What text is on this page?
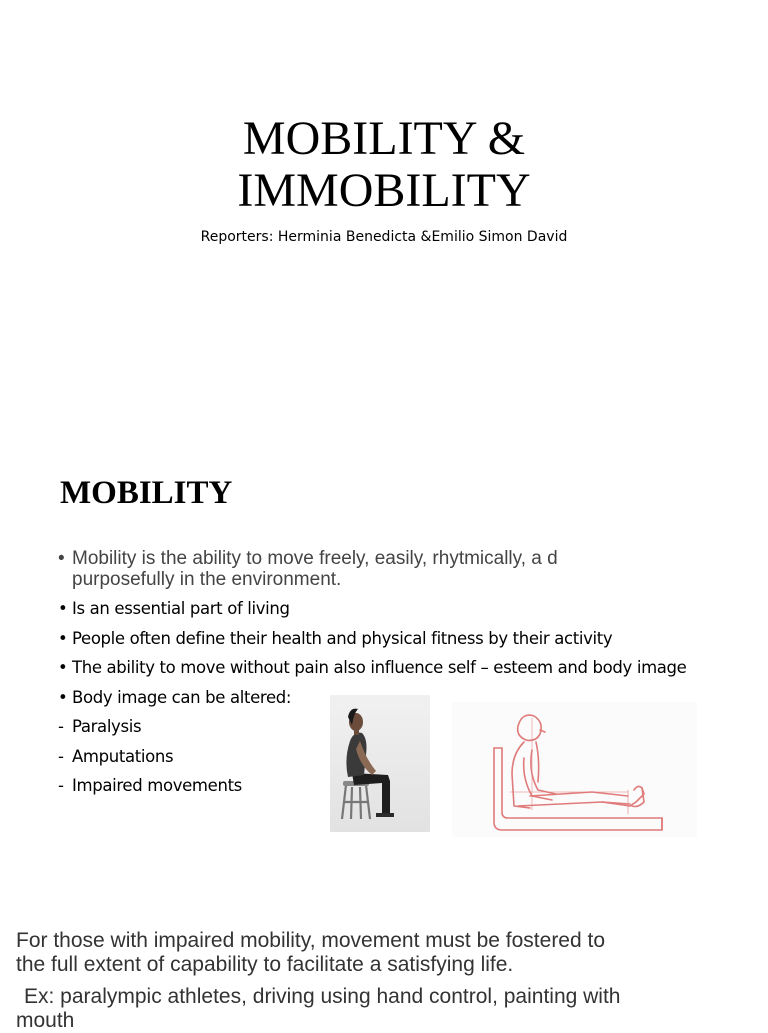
MOBILITY &
IMMOBILITY
Reporters: Herminia Benedicta &Emilio Simon David
MOBILITY
• Mobility is the ability to move freely, easily, rhytmically, a d
purposefully in the environment.
• Is an essential part of living
• People often define their health and physical fitness by their activity
• The ability to move without pain also influence self – esteem and body image
• Body image can be altered:
- Paralysis
- Amputations
- Impaired movements

For those with impaired mobility, movement must be fostered to

the full extent of capability to facilitate a satisfying life.

Ex: paralympic athletes, driving using hand control, painting with

mouth
